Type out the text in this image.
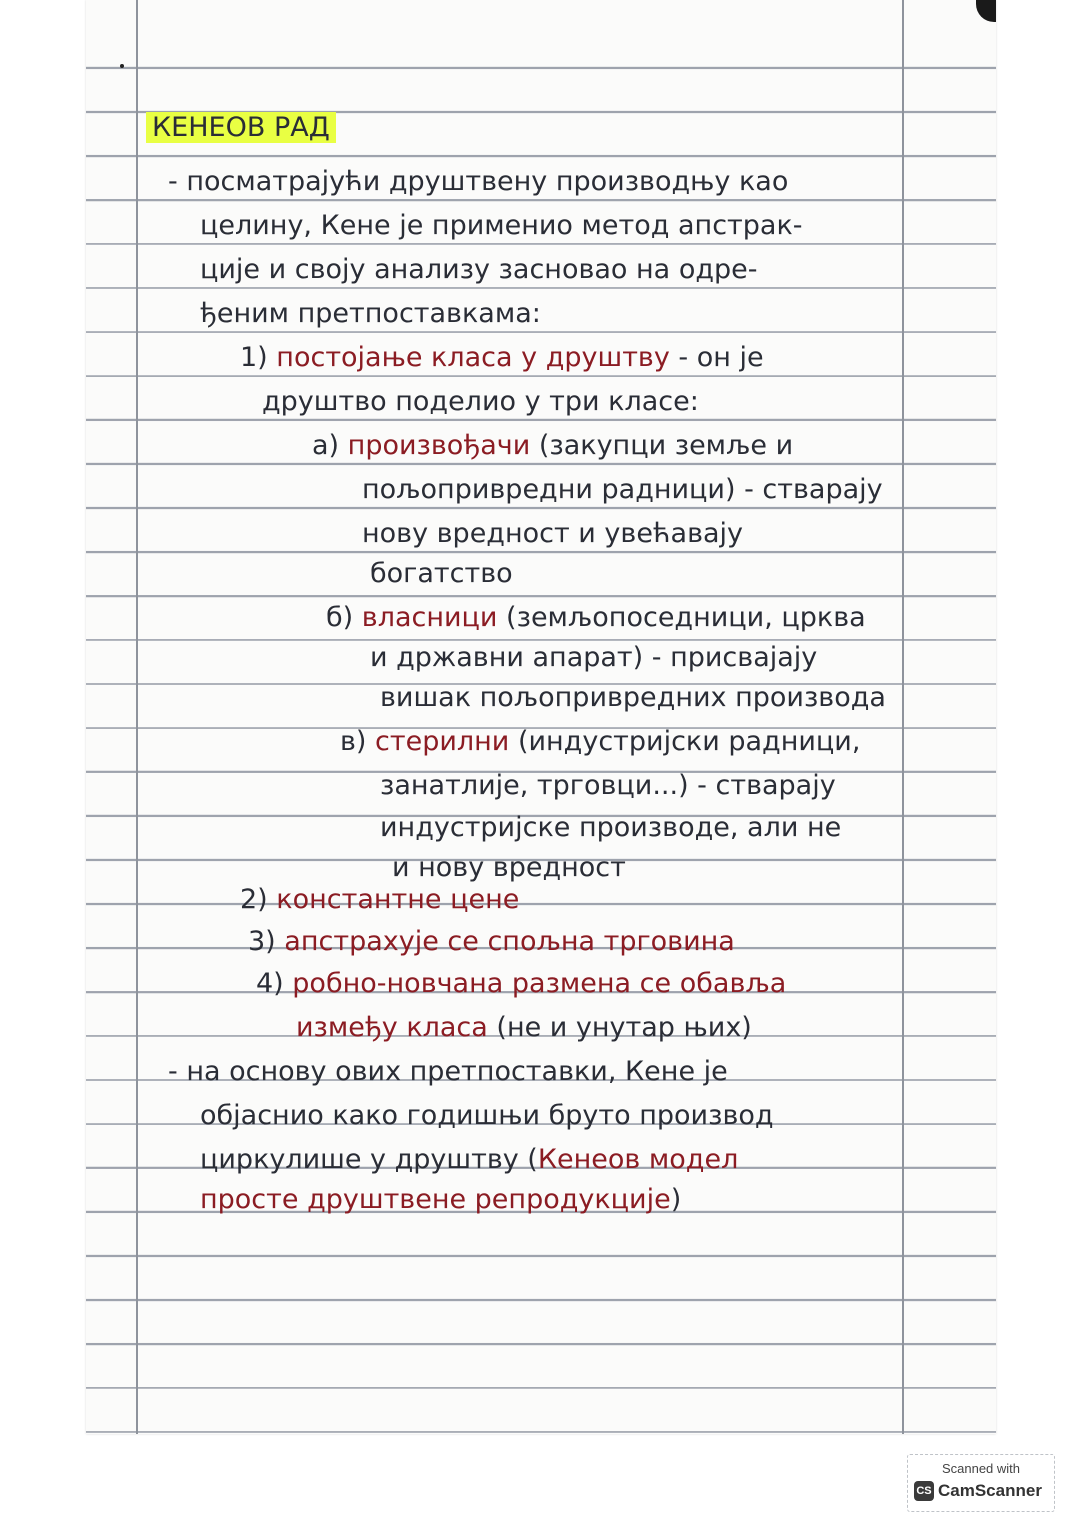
КЕНЕОВ РАД
- посматрајући друштвену производњу као
целину, Кене је применио метод апстрак-
ције и своју анализу засновао на одре-
ђеним претпоставкама:
1) постојање класа у друштву - он је
друштво поделио у три класе:
а) произвођачи (закупци земље и
пољопривредни радници) - стварају
нову вредност и увећавају
богатство
б) власници (земљопоседници, црква
и државни апарат) - присвајају
вишак пољопривредних производа
в) стерилни (индустријски радници,
занатлије, трговци...) - стварају
индустријске производе, али не
и нову вредност
2) константне цене
3) апстрахује се спољна трговина
4) робно-новчана размена се обавља
између класа (не и унутар њих)
- на основу ових претпоставки, Кене је
објаснио како годишњи бруто производ
циркулише у друштву (Кенеов модел
просте друштвене репродукције)
Scanned with
CS CamScanner
